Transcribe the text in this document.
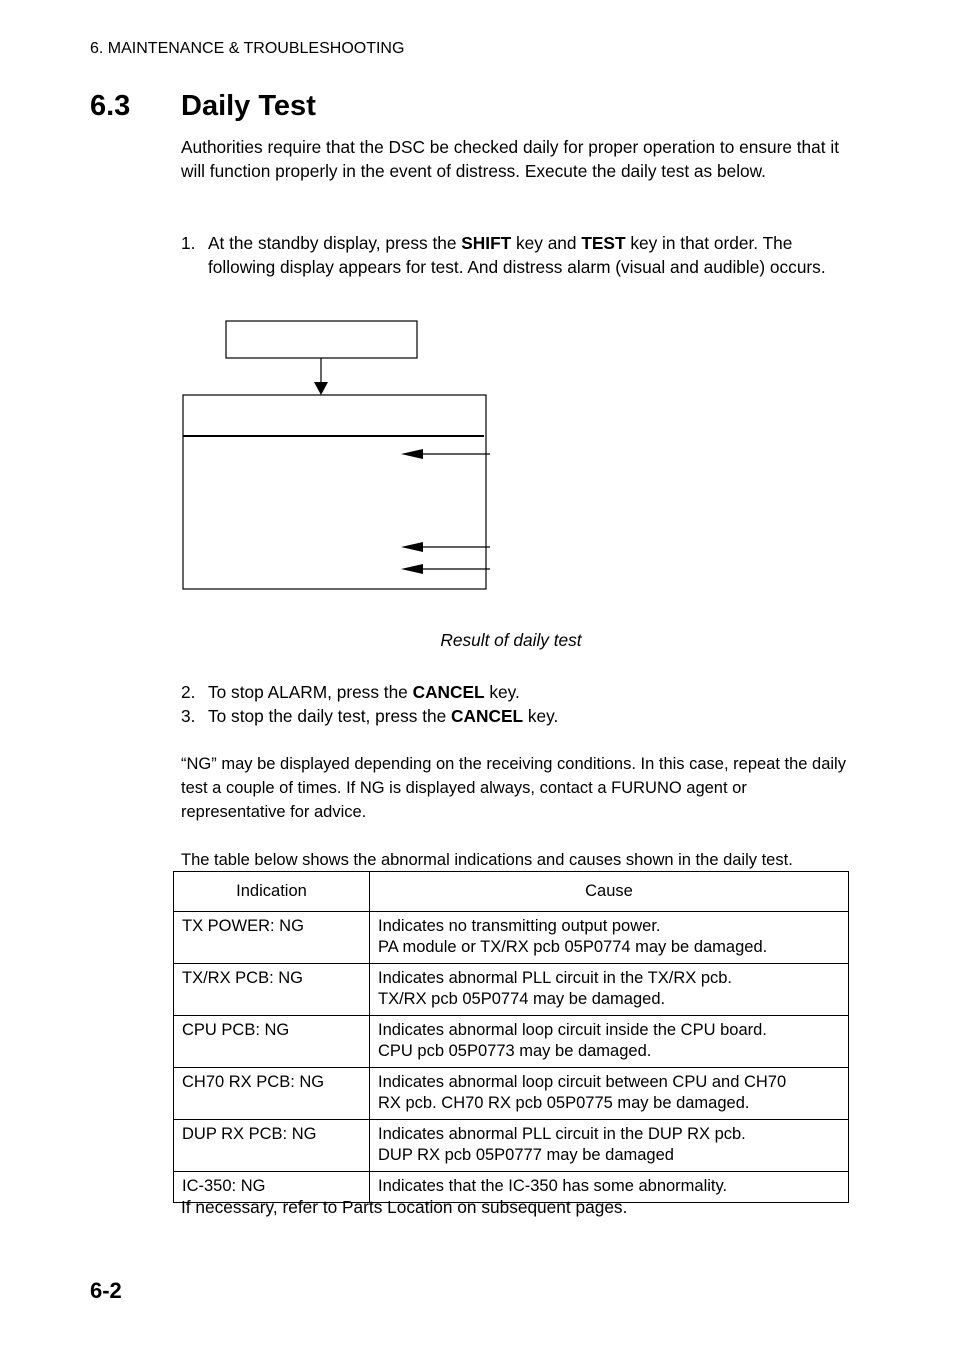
6. MAINTENANCE & TROUBLESHOOTING
6.3 Daily Test
Authorities require that the DSC be checked daily for proper operation to ensure that it will function properly in the event of distress. Execute the daily test as below.
1. At the standby display, press the SHIFT key and TEST key in that order. The following display appears for test. And distress alarm (visual and audible) occurs.
Result of daily test
2. To stop ALARM, press the CANCEL key.
3. To stop the daily test, press the CANCEL key.
“NG” may be displayed depending on the receiving conditions. In this case, repeat the daily test a couple of times. If NG is displayed always, contact a FURUNO agent or representative for advice.
The table below shows the abnormal indications and causes shown in the daily test.
Indication	Cause
TX POWER: NG	Indicates no transmitting output power.
PA module or TX/RX pcb 05P0774 may be damaged.

TX/RX PCB: NG	Indicates abnormal PLL circuit in the TX/RX pcb.
TX/RX pcb 05P0774 may be damaged.

CPU PCB: NG	Indicates abnormal loop circuit inside the CPU board.
CPU pcb 05P0773 may be damaged.

CH70 RX PCB: NG	Indicates abnormal loop circuit between CPU and CH70
RX pcb. CH70 RX pcb 05P0775 may be damaged.

DUP RX PCB: NG	Indicates abnormal PLL circuit in the DUP RX pcb.
DUP RX pcb 05P0777 may be damaged

IC-350: NG	Indicates that the IC-350 has some abnormality.
If necessary, refer to Parts Location on subsequent pages.
6-2
